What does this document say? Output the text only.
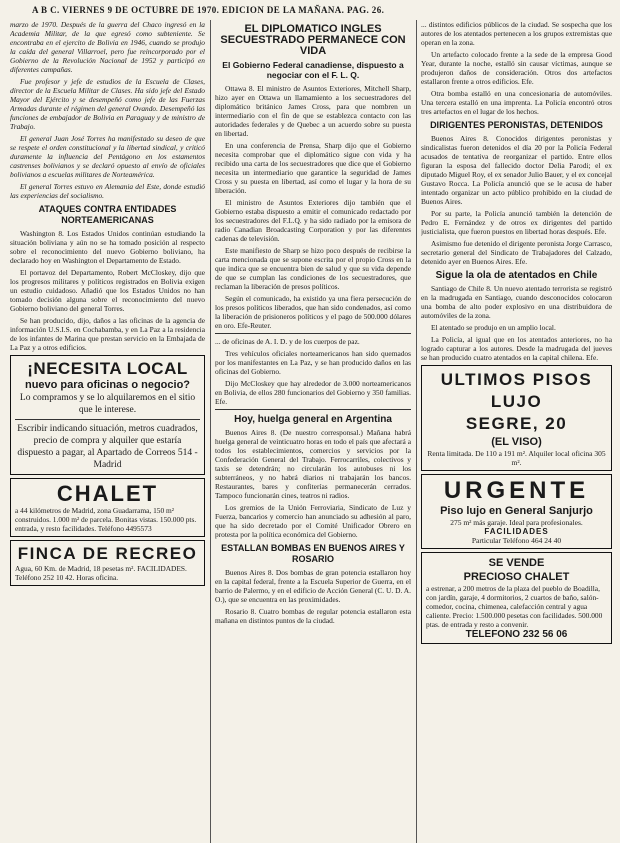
A B C. VIERNES 9 DE OCTUBRE DE 1970. EDICION DE LA MAÑANA. PAG. 26.

marzo de 1970. Después de la guerra del Chaco ingresó en la Academia Militar, de la que egresó como subteniente. Se encontraba en el ejercito de Bolivia en 1946, cuando se produjo la caída del general Villarroel, pero fue reincorporado por el Gobierno de la Revolución Nacional de 1952 y participó en diferentes campañas.

Fue profesor y jefe de estudios de la Escuela de Clases, director de la Escuela Militar de Clases. Ha sido jefe del Estado Mayor del Ejército y se desempeñó como jefe de las Fuerzas Armadas durante el régimen del general Ovando. Desempeñó las funciones de embajador de Bolivia en Paraguay y de ministro de Trabajo.

El general Juan José Torres ha manifestado su deseo de que se respete el orden constitucional y la libertad sindical, y criticó duramente la influencia del Pentágono en los estamentos castrenses bolivianos y se declaró opuesto al envío de oficiales bolivianos a escuelas militares de Norteamérica.

El general Torres estuvo en Alemania del Este, donde estudió las experiencias del socialismo.

ATAQUES CONTRA ENTIDADES NORTEAMERICANAS

Washington 8. Los Estados Unidos continúan estudiando la situación boliviana y aún no se ha tomado posición al respecto sobre el reconocimiento del nuevo Gobierno boliviano, ha declarado hoy en Washington el Departamento de Estado.

El portavoz del Departamento, Robert McCloskey, dijo que los progresos militares y políticos registrados en Bolivia exigen un estudio cuidadoso. Añadió que los Estados Unidos no han tomado decisión alguna sobre el reconocimiento del nuevo Gobierno boliviano del general Torres.

Se han producido, dijo, daños a las oficinas de la agencia de información U.S.I.S. en Cochabamba, y en La Paz a la residencia de los infantes de Marina que prestan servicio en la Embajada de La Paz y a otros edificios.

¡NECESITA LOCAL
nuevo para oficinas o negocio?
Lo compramos y se lo alquilaremos en el sitio que le interese.
Escribir indicando situación, metros cuadrados, precio de compra y alquiler que estaría dispuesto a pagar, al Apartado de Correos 514 - Madrid
CHALET
a 44 kilómetros de Madrid, zona Guadarrama, 150 m² construidos. 1.000 m² de parcela. Bonitas vistas. 150.000 pts. entrada, y resto facilidades. Teléfono 4495573
FINCA DE RECREO
Agua, 60 Km. de Madrid, 18 pesetas m². FACILIDADES. Teléfono 252 10 42. Horas oficina.
EL DIPLOMATICO INGLES SECUESTRADO PERMANECE CON VIDA
El Gobierno Federal canadiense, dispuesto a negociar con el F. L. Q.

Ottawa 8. El ministro de Asuntos Exteriores, Mitchell Sharp, hizo ayer en Ottawa un llamamiento a los secuestradores del diplomático británico James Cross, para que nombren un intermediario con el fin de que se establezca contacto con las autoridades federales y de Quebec a un acuerdo sobre su puesta en libertad.

En una conferencia de Prensa, Sharp dijo que el Gobierno necesita comprobar que el diplomático sigue con vida y ha recibido una carta de los secuestradores que dice que el Gobierno necesita un intermediario que garantice la seguridad de James Cross y su puesta en libertad, así como el lugar y la hora de su liberación.

El ministro de Asuntos Exteriores dijo también que el Gobierno estaba dispuesto a emitir el comunicado redactado por los secuestradores del F.L.Q. y ha sido radiado por la emisora de radio Canadian Broadcasting Corporation y por las diferentes cadenas de televisión.

Este manifiesto de Sharp se hizo poco después de recibirse la carta mencionada que se supone escrita por el propio Cross en la que indica que se encuentra bien de salud y que su vida depende de que se cumplan las condiciones de los secuestradores, que reclaman la liberación de presos políticos.

Según el comunicado, ha existido ya una fiera persecución de los presos políticos liberados, que han sido condenados, así como la liberación de prisioneros políticos y el pago de 500.000 dólares en oro. Efe-Reuter.

... de oficinas de A. I. D. y de los cuerpos de paz.

Tres vehículos oficiales norteamericanos han sido quemados por los manifestantes en La Paz, y se han producido daños en las oficinas del Gobierno.

Dijo McCloskey que hay alrededor de 3.000 norteamericanos en Bolivia, de ellos 280 funcionarios del Gobierno y 350 familias. Efe.

Hoy, huelga general en Argentina

Buenos Aires 8. (De nuestro corresponsal.) Mañana habrá huelga general de veinticuatro horas en todo el país que afectará a todos los establecimientos, comercios y servicios por la Confederación General del Trabajo. Ferrocarriles, colectivos y taxis se detendrán; no circularán los autobuses ni los subterráneos, y no habrá diarios ni trabajarán los bancos. Restaurantes, bares y confiterías permanecerán cerrados. Tampoco funcionarán cines, teatros ni radios.

Los gremios de la Unión Ferroviaria, Sindicato de Luz y Fuerza, bancarios y comercio han anunciado su adhesión al paro, que ha sido decretado por el Comité Unificador Obrero en protesta por la política económica del Gobierno.

ESTALLAN BOMBAS EN BUENOS AIRES Y ROSARIO

Buenos Aires 8. Dos bombas de gran potencia estallaron hoy en la capital federal, frente a la Escuela Superior de Guerra, en el barrio de Palermo, y en el edificio de Acción General (C. U. D. A. O.), que se encuentra en las proximidades.

Rosario 8. Cuatro bombas de regular potencia estallaron esta mañana en distintos puntos de la ciudad.

... distintos edificios públicos de la ciudad. Se sospecha que los autores de los atentados pertenecen a los grupos extremistas que operan en la zona.

Un artefacto colocado frente a la sede de la empresa Good Year, durante la noche, estalló sin causar víctimas, aunque se produjeron daños de consideración. Otros dos artefactos estallaron frente a otros edificios. Efe.

Otra bomba estalló en una concesionaria de automóviles. Una tercera estalló en una imprenta. La Policía encontró otros tres artefactos en el lugar de los hechos.

DIRIGENTES PERONISTAS, DETENIDOS

Buenos Aires 8. Conocidos dirigentes peronistas y sindicalistas fueron detenidos el día 20 por la Policía Federal acusados de tentativa de reorganizar el partido. Entre ellos figuran la esposa del fallecido doctor Delia Parodi; el ex diputado Miguel Roy, el ex senador Julio Bauer, y el ex concejal Gustavo Rocca. La Policía anunció que se le acusa de haber intentado organizar un acto público prohibido en la ciudad de Buenos Aires.

Por su parte, la Policía anunció también la detención de Pedro E. Fernández y de otros ex dirigentes del partido justicialista, que fueron puestos en libertad horas después. Efe.

Asimismo fue detenido el dirigente peronista Jorge Carrasco, secretario general del Sindicato de Trabajadores del Calzado, detenido ayer en Buenos Aires. Efe.

Sigue la ola de atentados en Chile

Santiago de Chile 8. Un nuevo atentado terrorista se registró en la madrugada en Santiago, cuando desconocidos colocaron una bomba de alto poder explosivo en una distribuidora de automóviles de la zona.

El atentado se produjo en un amplio local.

La Policía, al igual que en los atentados anteriores, no ha logrado capturar a los autores. Desde la madrugada del jueves se han producido cuatro atentados en la capital chilena. Efe.

ULTIMOS PISOS LUJO
SEGRE, 20
(EL VISO)
Renta limitada. De 110 a 191 m². Alquiler local oficina 305 m².
URGENTE
Piso lujo en General Sanjurjo
275 m² más garaje. Ideal para profesionales.
FACILIDADES
Particular Teléfono 464 24 40
SE VENDE
PRECIOSO CHALET
a estrenar, a 200 metros de la plaza del pueblo de Boadilla, con jardín, garaje, 4 dormitorios, 2 cuartos de baño, salón-comedor, cocina, chimenea, calefacción central y agua caliente. Precio: 1.500.000 pesetas con facilidades. 500.000 ptas. de entrada y resto a convenir.
TELEFONO 232 56 06
